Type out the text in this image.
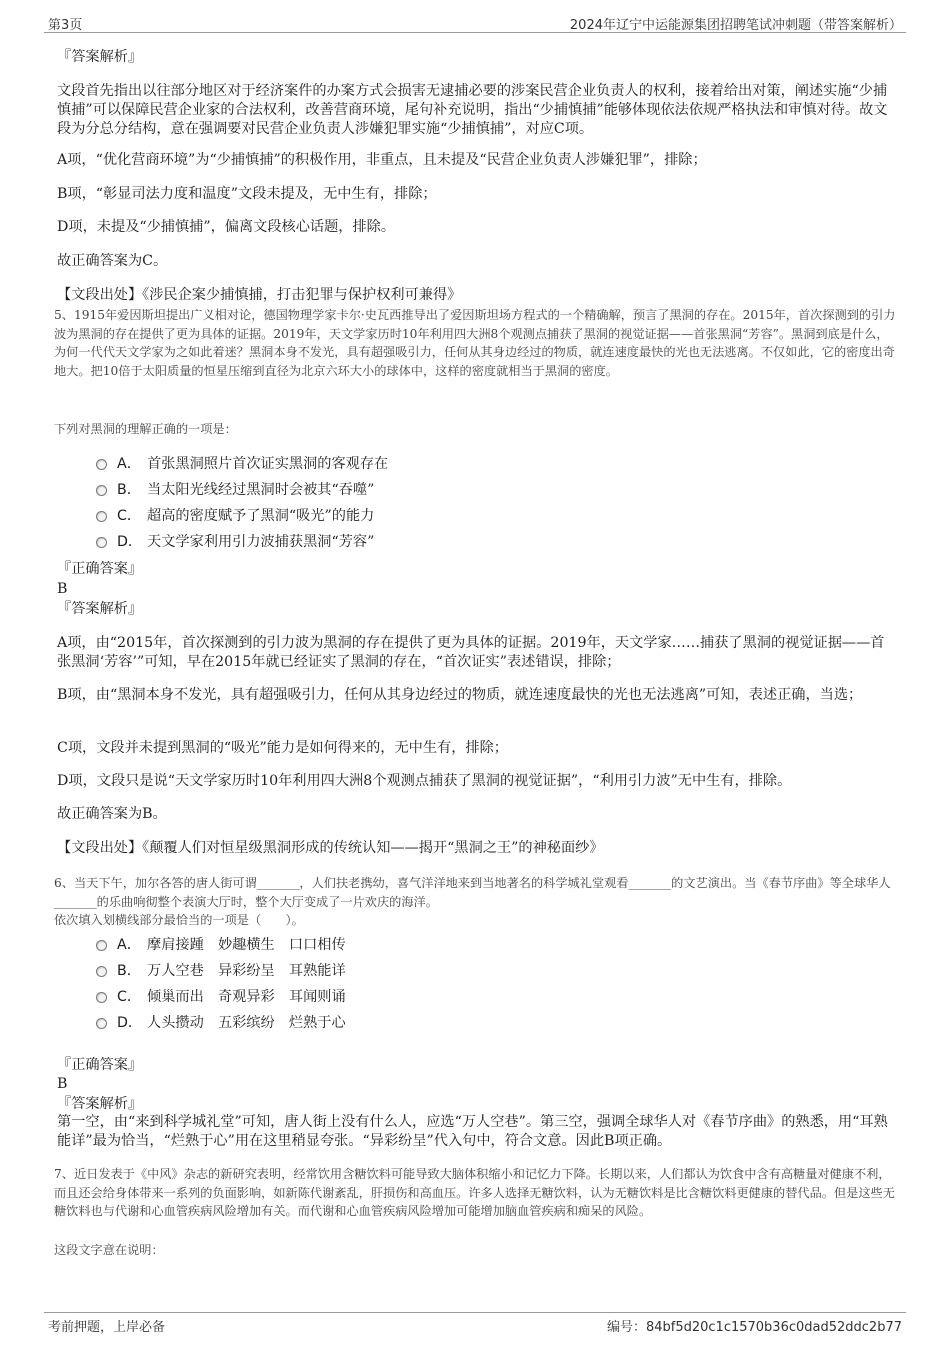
第3页	2024年辽宁中运能源集团招聘笔试冲刺题（带答案解析）
『答案解析』
文段首先指出以往部分地区对于经济案件的办案方式会损害无逮捕必要的涉案民营企业负责人的权利，接着给出对策，阐述实施“少捕慎捕”可以保障民营企业家的合法权利，改善营商环境，尾句补充说明，指出“少捕慎捕”能够体现依法依规严格执法和审慎对待。故文段为分总分结构，意在强调要对民营企业负责人涉嫌犯罪实施“少捕慎捕”，对应C项。
A项，“优化营商环境”为“少捕慎捕”的积极作用，非重点，且未提及“民营企业负责人涉嫌犯罪”，排除；
B项，“彰显司法力度和温度”文段未提及，无中生有，排除；
D项，未提及“少捕慎捕”，偏离文段核心话题，排除。
故正确答案为C。
【文段出处】《涉民企案少捕慎捕，打击犯罪与保护权利可兼得》
5、1915年爱因斯坦提出广义相对论，德国物理学家卡尔·史瓦西推导出了爱因斯坦场方程式的一个精确解，预言了黑洞的存在。2015年，首次探测到的引力波为黑洞的存在提供了更为具体的证据。2019年，天文学家历时10年利用四大洲8个观测点捕获了黑洞的视觉证据——首张黑洞“芳容”。黑洞到底是什么，为何一代代天文学家为之如此着迷？黑洞本身不发光，具有超强吸引力，任何从其身边经过的物质，就连速度最快的光也无法逃离。不仅如此，它的密度出奇地大。把10倍于太阳质量的恒星压缩到直径为北京六环大小的球体中，这样的密度就相当于黑洞的密度。
下列对黑洞的理解正确的一项是：
A． 首张黑洞照片首次证实黑洞的客观存在
B． 当太阳光线经过黑洞时会被其“吞噬”
C． 超高的密度赋予了黑洞“吸光”的能力
D． 天文学家利用引力波捕获黑洞“芳容”
『正确答案』
B
『答案解析』
A项，由“2015年，首次探测到的引力波为黑洞的存在提供了更为具体的证据。2019年，天文学家……捕获了黑洞的视觉证据——首张黑洞‘芳容’”可知，早在2015年就已经证实了黑洞的存在，“首次证实”表述错误，排除；
B项，由“黑洞本身不发光，具有超强吸引力，任何从其身边经过的物质，就连速度最快的光也无法逃离”可知，表述正确，当选；
C项，文段并未提到黑洞的“吸光”能力是如何得来的，无中生有，排除；
D项，文段只是说“天文学家历时10年利用四大洲8个观测点捕获了黑洞的视觉证据”，“利用引力波”无中生有，排除。
故正确答案为B。
【文段出处】《颠覆人们对恒星级黑洞形成的传统认知——揭开“黑洞之王”的神秘面纱》
6、当天下午，加尔各答的唐人街可谓_______，人们扶老携幼，喜气洋洋地来到当地著名的科学城礼堂观看_______的文艺演出。当《春节序曲》等全球华人_______的乐曲响彻整个表演大厅时，整个大厅变成了一片欢庆的海洋。
依次填入划横线部分最恰当的一项是（　　）。
A． 摩肩接踵　妙趣横生　口口相传
B． 万人空巷　异彩纷呈　耳熟能详
C． 倾巢而出　奇观异彩　耳闻则诵
D． 人头攒动　五彩缤纷　烂熟于心
『正确答案』
B
『答案解析』
第一空，由“来到科学城礼堂”可知，唐人街上没有什么人，应选“万人空巷”。第三空，强调全球华人对《春节序曲》的熟悉，用“耳熟能详”最为恰当，“烂熟于心”用在这里稍显夸张。“异彩纷呈”代入句中，符合文意。因此B项正确。
7、近日发表于《中风》杂志的新研究表明，经常饮用含糖饮料可能导致大脑体积缩小和记忆力下降。长期以来，人们都认为饮食中含有高糖量对健康不利，而且还会给身体带来一系列的负面影响，如新陈代谢紊乱，肝损伤和高血压。许多人选择无糖饮料，认为无糖饮料是比含糖饮料更健康的替代品。但是这些无糖饮料也与代谢和心血管疾病风险增加有关。而代谢和心血管疾病风险增加可能增加脑血管疾病和痴呆的风险。
这段文字意在说明：
考前押题，上岸必备	编号：84bf5d20c1c1570b36c0dad52ddc2b77
